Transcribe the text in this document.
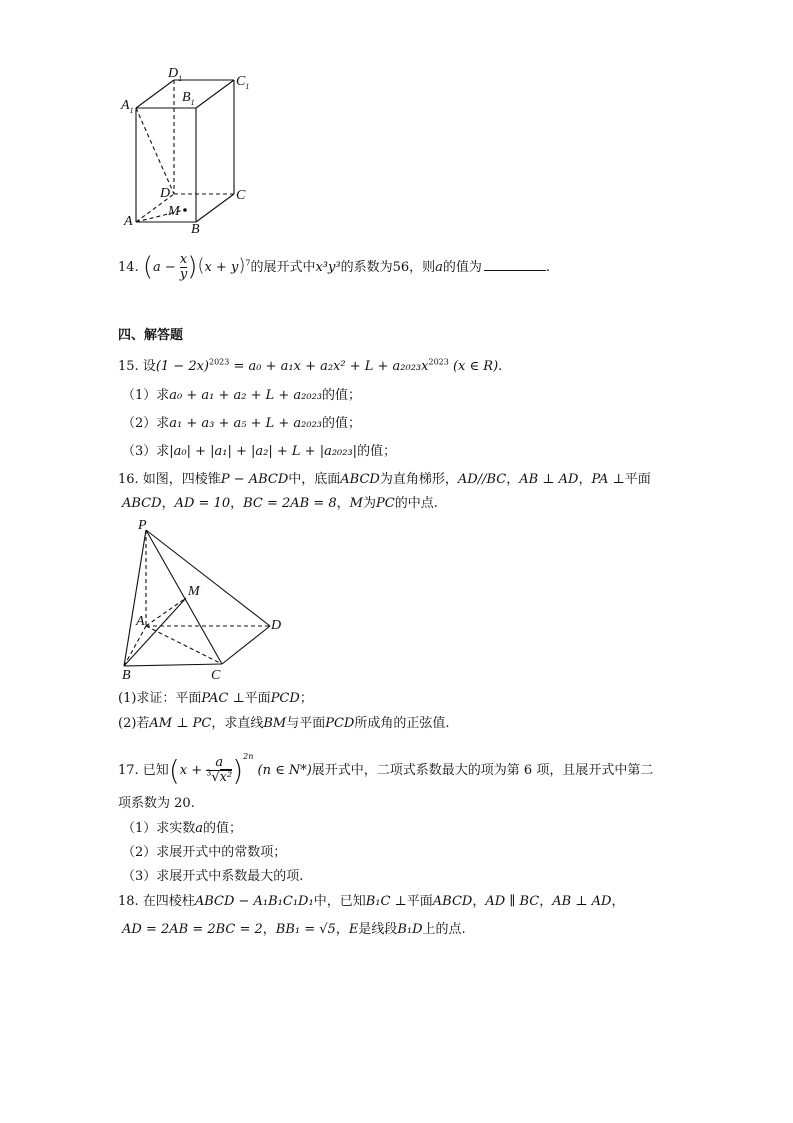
$D_1$	$C_1$
$A_1$
$B_1$
D	C
A
B
M
14. $(a - \frac{x}{y} )(x + y)^7$的展开式中x³y³的系数为56，则a的值为	.
四、解答题
15. 设$(1 - 2x)^{2023} = a_0 + a_1x + a_2x^2 + L + a_{2023}x^{2023}$ (x ∈ R).
（1）求a₀ + a₁ + a₂ + L + a₂₀₂₃的值；
（2）求a₁ + a₃ + a₅ + L + a₂₀₂₃的值；
（3）求|a₀| + |a₁| + |a₂| + L + |a₂₀₂₃|的值；
16. 如图，四棱锥P − ABCD中，底面ABCD为直角梯形，AD//BC，AB ⊥ AD，PA ⊥平面
ABCD，AD = 10，BC = 2AB = 8，M为PC的中点.
P
M
A	D
B	C
(1)求证：平面PAC ⊥平面PCD；
(2)若AM ⊥ PC，求直线BM与平面PCD所成角的正弦值.
17. 已知$(x + \frac{a}{^3√x^2} )^{2n}$ (n ∈ N*)展开式中，二项式系数最大的项为第 6 项，且展开式中第二
项系数为 20.
（1）求实数a的值；
（2）求展开式中的常数项；
（3）求展开式中系数最大的项.
18. 在四棱柱ABCD − A₁B₁C₁D₁中，已知B₁C ⊥平面ABCD，AD ∥ BC，AB ⊥ AD，
AD = 2AB = 2BC = 2，BB₁ = √5，E是线段B₁D上的点.
